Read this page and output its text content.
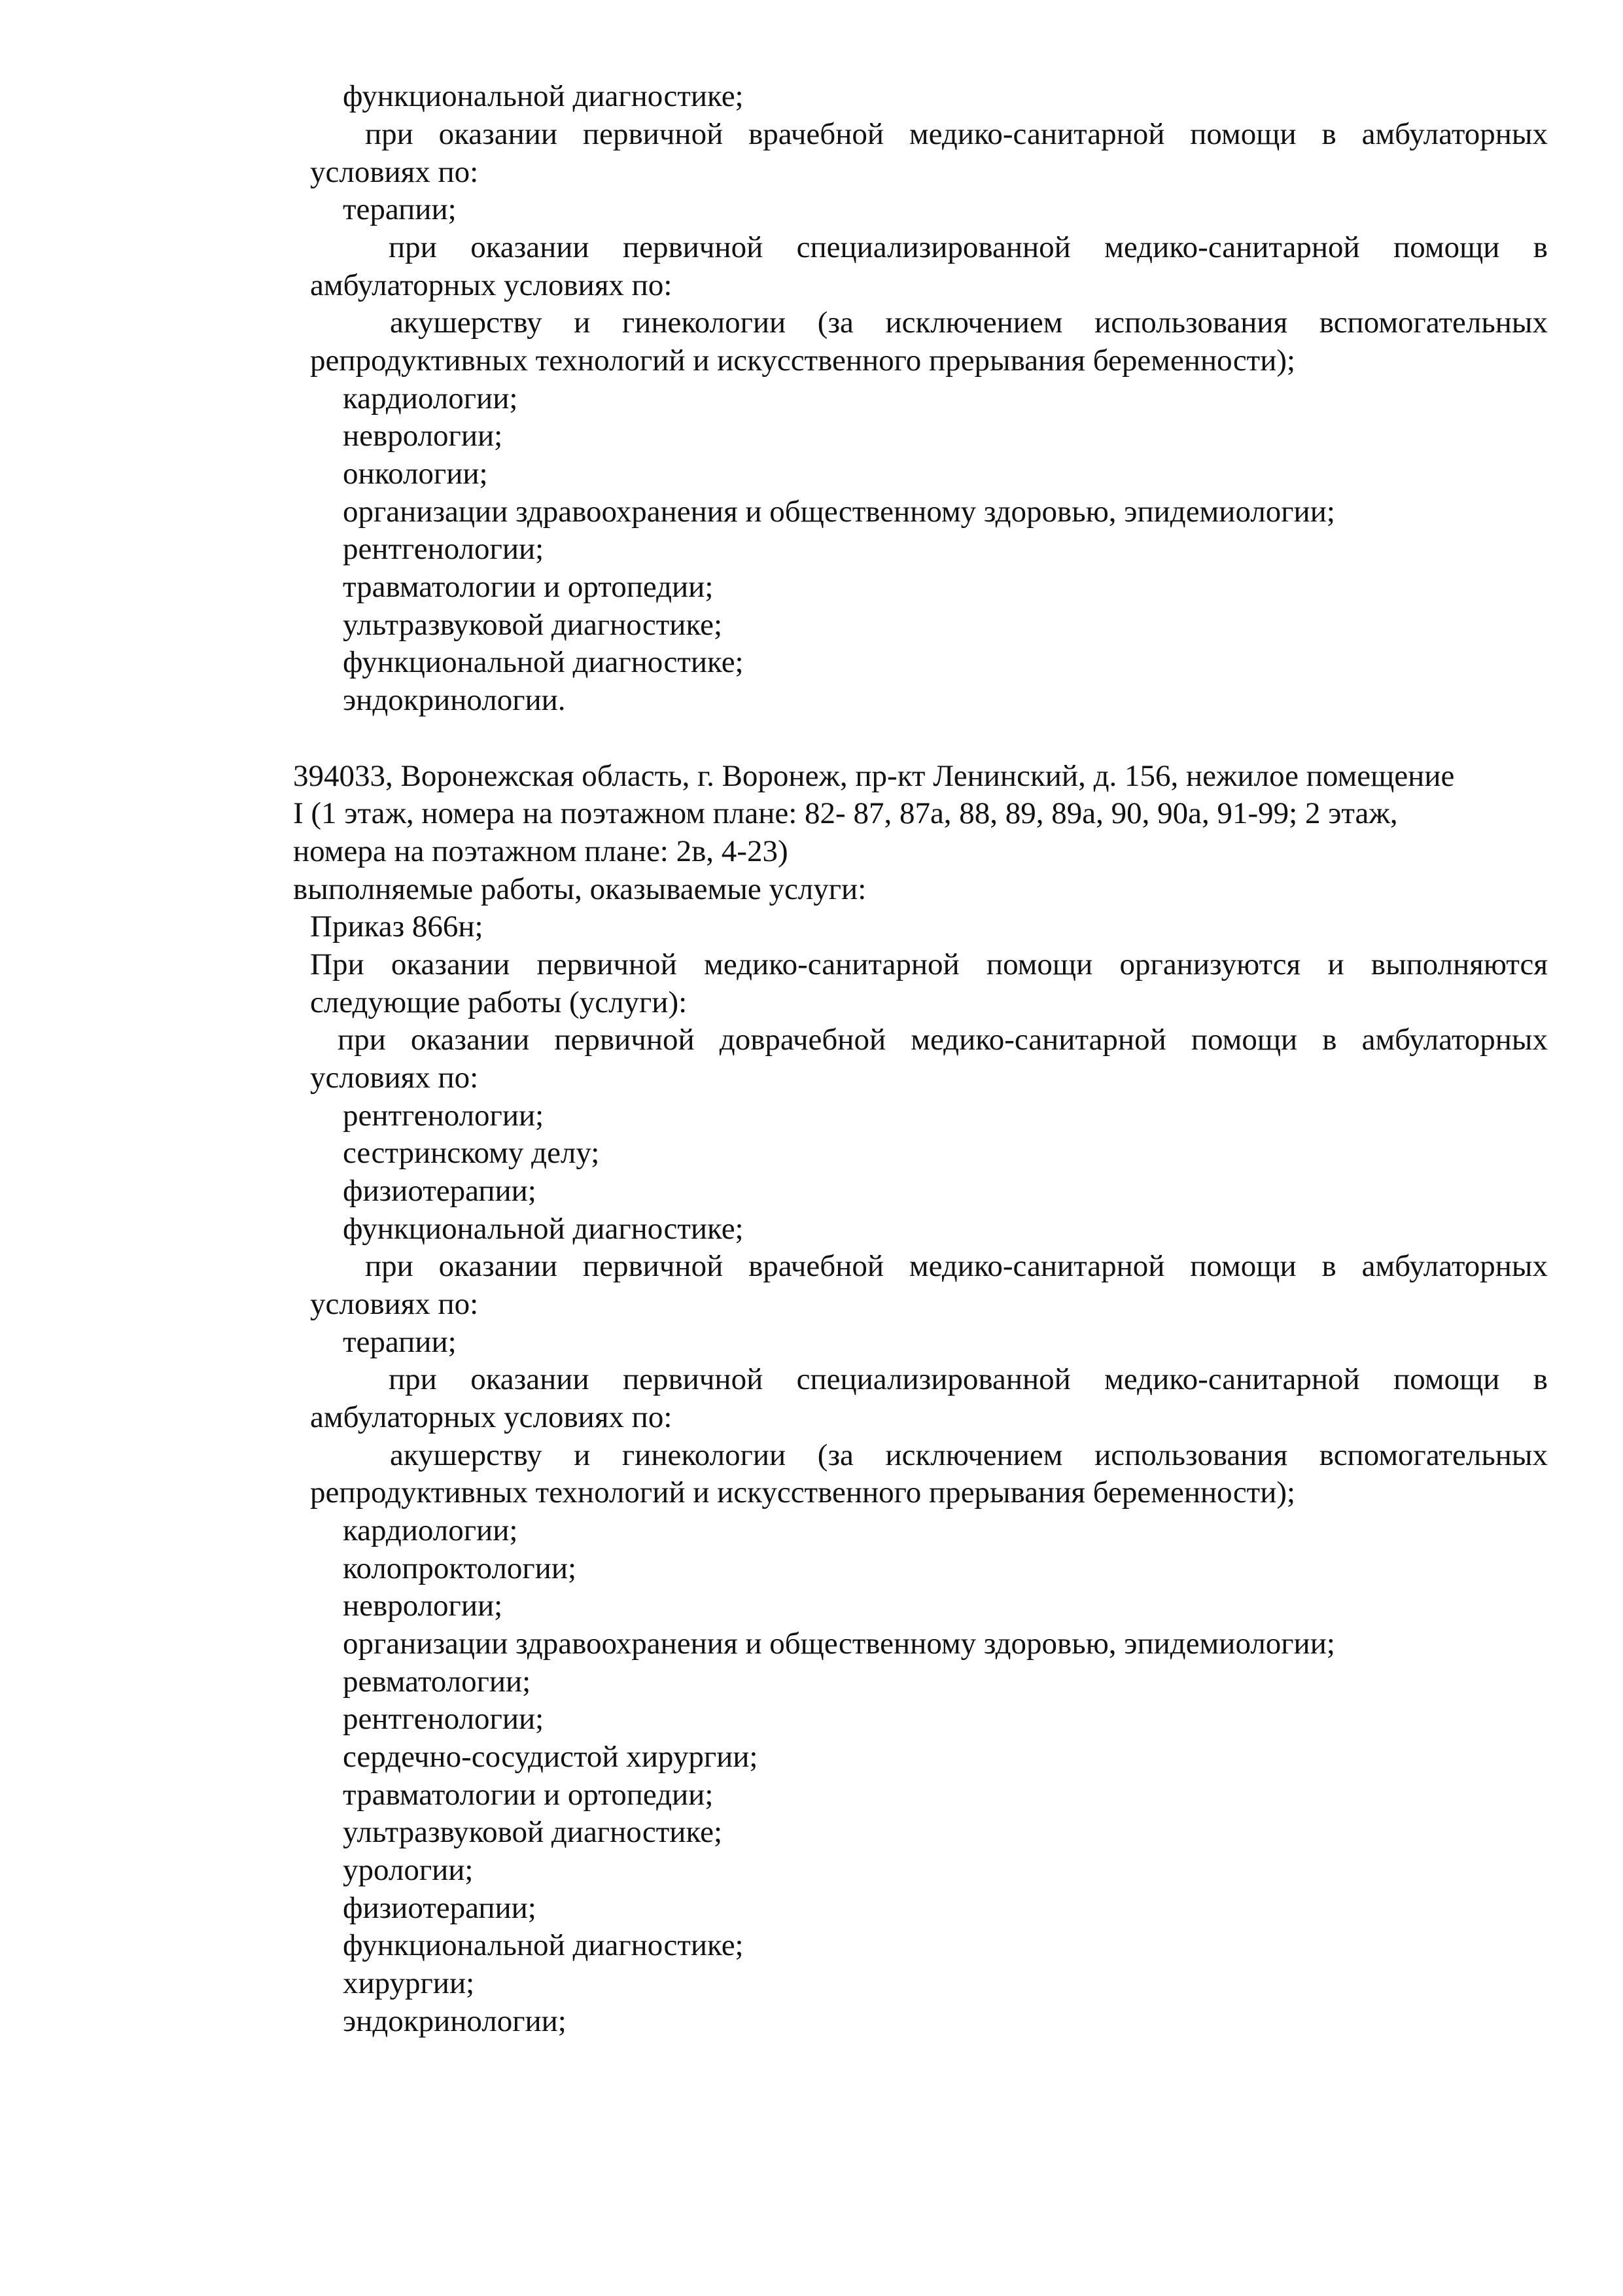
функциональной диагностике;
при оказании первичной врачебной медико-санитарной помощи в амбулаторных
условиях по:
терапии;
при оказании первичной специализированной медико-санитарной помощи в
амбулаторных условиях по:
акушерству и гинекологии (за исключением использования вспомогательных
репродуктивных технологий и искусственного прерывания беременности);
кардиологии;
неврологии;
онкологии;
организации здравоохранения и общественному здоровью, эпидемиологии;
рентгенологии;
травматологии и ортопедии;
ультразвуковой диагностике;
функциональной диагностике;
эндокринологии.
394033, Воронежская область, г. Воронеж, пр-кт Ленинский, д. 156, нежилое помещение
I (1 этаж, номера на поэтажном плане: 82- 87, 87а, 88, 89, 89а, 90, 90а, 91-99; 2 этаж,
номера на поэтажном плане: 2в, 4-23)
выполняемые работы, оказываемые услуги:
Приказ 866н;
При оказании первичной медико-санитарной помощи организуются и выполняются
следующие работы (услуги):
при оказании первичной доврачебной медико-санитарной помощи в амбулаторных
условиях по:
рентгенологии;
сестринскому делу;
физиотерапии;
функциональной диагностике;
при оказании первичной врачебной медико-санитарной помощи в амбулаторных
условиях по:
терапии;
при оказании первичной специализированной медико-санитарной помощи в
амбулаторных условиях по:
акушерству и гинекологии (за исключением использования вспомогательных
репродуктивных технологий и искусственного прерывания беременности);
кардиологии;
колопроктологии;
неврологии;
организации здравоохранения и общественному здоровью, эпидемиологии;
ревматологии;
рентгенологии;
сердечно-сосудистой хирургии;
травматологии и ортопедии;
ультразвуковой диагностике;
урологии;
физиотерапии;
функциональной диагностике;
хирургии;
эндокринологии;
